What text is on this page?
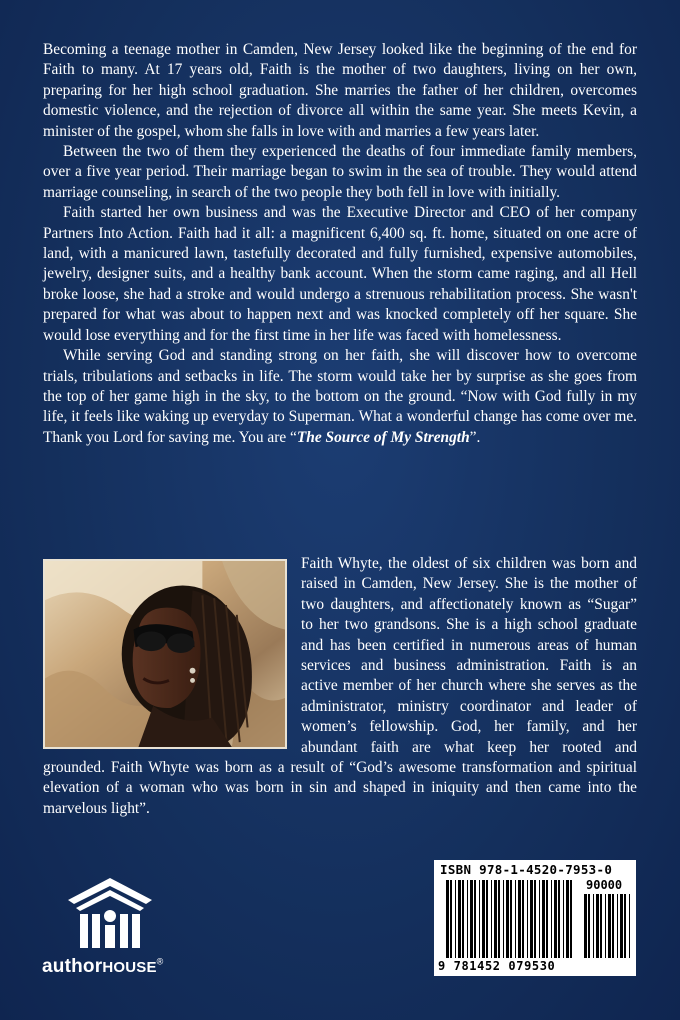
Becoming a teenage mother in Camden, New Jersey looked like the beginning of the end for Faith to many. At 17 years old, Faith is the mother of two daughters, living on her own, preparing for her high school graduation. She marries the father of her children, overcomes domestic violence, and the rejection of divorce all within the same year. She meets Kevin, a minister of the gospel, whom she falls in love with and marries a few years later.

Between the two of them they experienced the deaths of four immediate family members, over a five year period. Their marriage began to swim in the sea of trouble. They would attend marriage counseling, in search of the two people they both fell in love with initially.

Faith started her own business and was the Executive Director and CEO of her company Partners Into Action. Faith had it all: a magnificent 6,400 sq. ft. home, situated on one acre of land, with a manicured lawn, tastefully decorated and fully furnished, expensive automobiles, jewelry, designer suits, and a healthy bank account. When the storm came raging, and all Hell broke loose, she had a stroke and would undergo a strenuous rehabilitation process. She wasn't prepared for what was about to happen next and was knocked completely off her square. She would lose everything and for the first time in her life was faced with homelessness.

While serving God and standing strong on her faith, she will discover how to overcome trials, tribulations and setbacks in life. The storm would take her by surprise as she goes from the top of her game high in the sky, to the bottom on the ground. “Now with God fully in my life, it feels like waking up everyday to Superman. What a wonderful change has come over me. Thank you Lord for saving me. You are “The Source of My Strength”.

Faith Whyte, the oldest of six children was born and raised in Camden, New Jersey. She is the mother of two daughters, and affectionately known as “Sugar” to her two grandsons. She is a high school graduate and has been certified in numerous areas of human services and business administration. Faith is an active member of her church where she serves as the administrator, ministry coordinator and leader of women’s fellowship. God, her family, and her abundant faith are what keep her rooted and grounded. Faith Whyte was born as a result of “God’s awesome transformation and spiritual elevation of a woman who was born in sin and shaped in iniquity and then came into the marvelous light”.
authorHOUSE®
ISBN 978-1-4520-7953-0
90000
9 781452 079530
